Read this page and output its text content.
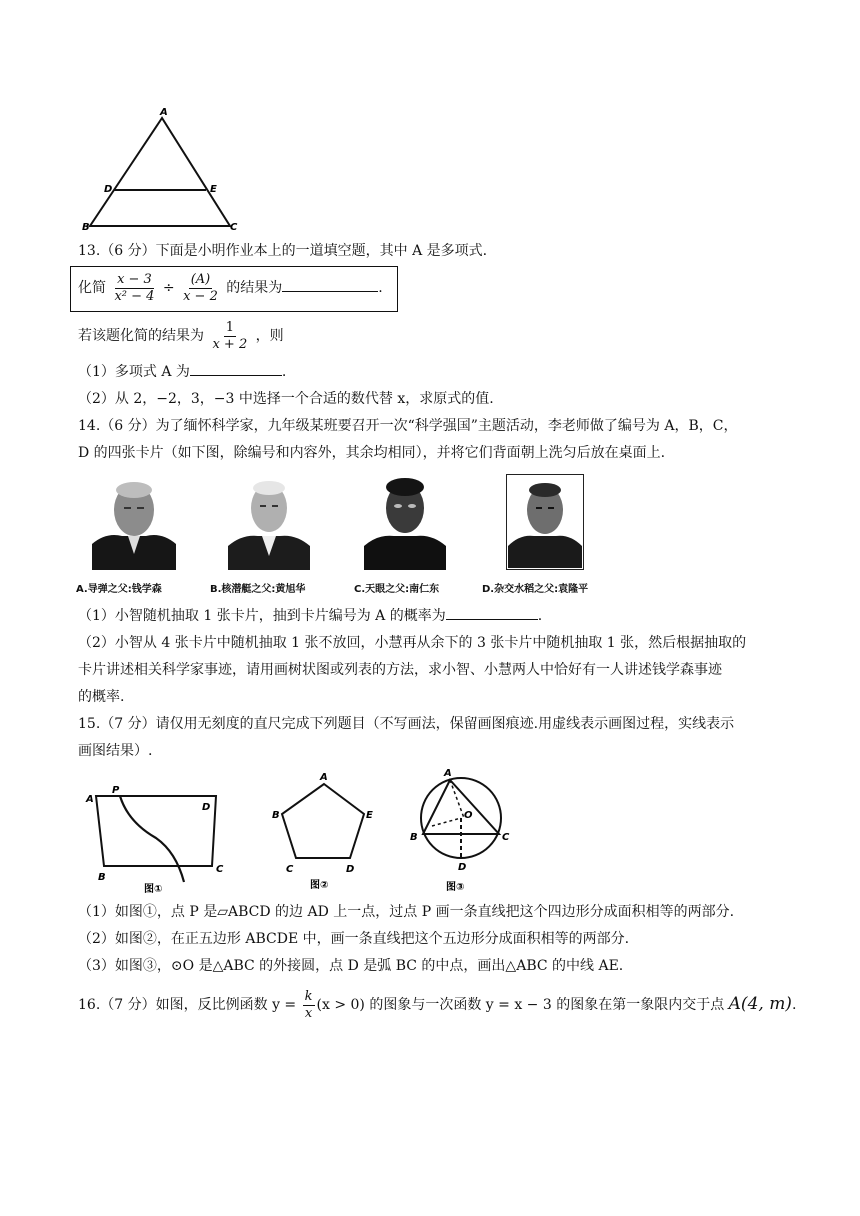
A
D	E
B	C
13.（6 分）下面是小明作业本上的一道填空题，其中 A 是多项式.
化简 $\frac{x - 3}{\text{x² − 4}} \div \frac{(A)}{x - 2}$ 的结果为	.
若该题化简的结果为 $\frac{1}{x + 2}$ ，则
（1）多项式 A 为	.
（2）从 2，−2，3，−3 中选择一个合适的数代替 x，求原式的值.
14.（6 分）为了缅怀科学家，九年级某班要召开一次“科学强国”主题活动，李老师做了编号为 A，B，C，
D 的四张卡片（如下图，除编号和内容外，其余均相同），并将它们背面朝上洗匀后放在桌面上.
A.导弹之父:钱学森	B.核潜艇之父:黄旭华	C.天眼之父:南仁东	D.杂交水稻之父:袁隆平
（1）小智随机抽取 1 张卡片，抽到卡片编号为 A 的概率为	.
（2）小智从 4 张卡片中随机抽取 1 张不放回，小慧再从余下的 3 张卡片中随机抽取 1 张，然后根据抽取的
卡片讲述相关科学家事迹，请用画树状图或列表的方法，求小智、小慧两人中恰好有一人讲述钱学森事迹
的概率.
15.（7 分）请仅用无刻度的直尺完成下列题目（不写画法，保留画图痕迹.用虚线表示画图过程，实线表示
画图结果）.
A
P
D
B
C
图①
A
B	E
C	D
图②
A
O
B	C
D
图③
（1）如图①，点 P 是▱ABCD 的边 AD 上一点，过点 P 画一条直线把这个四边形分成面积相等的两部分.
（2）如图②，在正五边形 ABCDE 中，画一条直线把这个五边形分成面积相等的两部分.
（3）如图③，⊙O 是△ABC 的外接圆，点 D 是弧 BC 的中点，画出△ABC 的中线 AE.
16.（7 分）如图，反比例函数 $y = \frac{k}{x} (x > 0)$ 的图象与一次函数 y = x − 3 的图象在第一象限内交于点 A(4, m).
